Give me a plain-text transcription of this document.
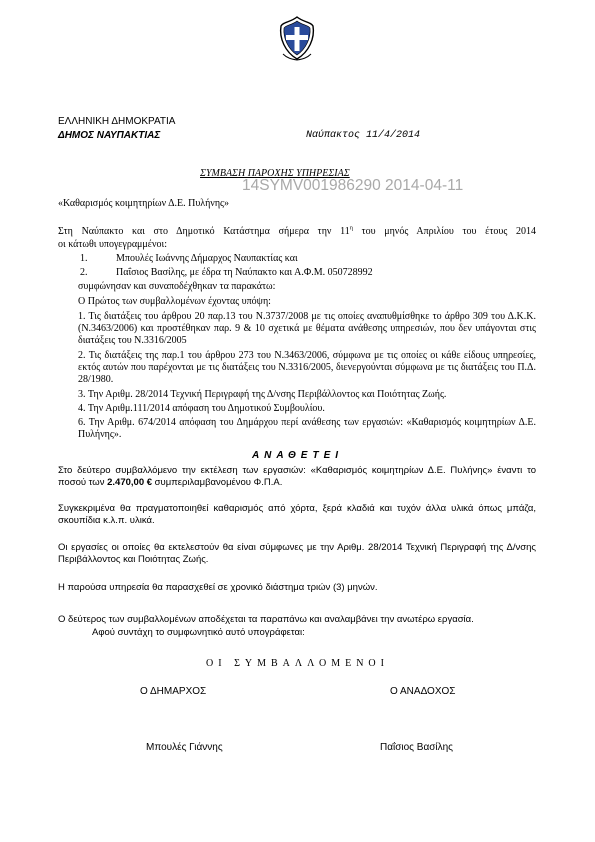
ΕΛΛΗΝΙΚΗ ΔΗΜΟΚΡΑΤΙΑ
ΔΗΜΟΣ ΝΑΥΠΑΚΤΙΑΣ	Ναύπακτος 11/4/2014
ΣΥΜΒΑΣΗ ΠΑΡΟΧΗΣ ΥΠΗΡΕΣΙΑΣ
14SYMV001986290 2014-04-11
«Καθαρισμός κοιμητηρίων Δ.Ε. Πυλήνης»
Στη Ναύπακτο και στο Δημοτικό Κατάστημα σήμερα την $11^\eta$ του μηνός Απριλίου του έτους 2014
οι κάτωθι υπογεγραμμένοι:
1.	Μπουλές Ιωάννης Δήμαρχος Ναυπακτίας και
2.	Παΐσιος Βασίλης, με έδρα τη Ναύπακτο και Α.Φ.Μ. 050728992
συμφώνησαν και συναποδέχθηκαν τα παρακάτω:
Ο Πρώτος των συμβαλλομένων έχοντας υπόψη:
1. Τις διατάξεις του άρθρου 20 παρ.13 του Ν.3737/2008 με τις οποίες αναπυθμίσθηκε το άρθρο 309 του Δ.Κ.Κ. (Ν.3463/2006) και προστέθηκαν παρ. 9 & 10 σχετικά με θέματα ανάθεσης υπηρεσιών, που δεν υπάγονται στις διατάξεις του Ν.3316/2005
2. Τις διατάξεις της παρ.1 του άρθρου 273 του Ν.3463/2006, σύμφωνα με τις οποίες οι κάθε είδους υπηρεσίες, εκτός αυτών που παρέχονται με τις διατάξεις του Ν.3316/2005, διενεργούνται σύμφωνα με τις διατάξεις του Π.Δ. 28/1980.
3. Την Αριθμ. 28/2014 Τεχνική Περιγραφή της Δ/νσης Περιβάλλοντος και Ποιότητας Ζωής.
4. Την Αριθμ.111/2014 απόφαση του Δημοτικού Συμβουλίου.
6. Την Αριθμ. 674/2014 απόφαση του Δημάρχου περί ανάθεσης των εργασιών: «Καθαρισμός κοιμητηρίων Δ.Ε. Πυλήνης».
ΑΝΑΘΕΤΕΙ
Στο δεύτερο συμβαλλόμενο την εκτέλεση των εργασιών: «Καθαρισμός κοιμητηρίων Δ.Ε. Πυλήνης» έναντι το ποσού των 2.470,00 € συμπεριλαμβανομένου Φ.Π.Α.
Συγκεκριμένα θα πραγματοποιηθεί καθαρισμός από χόρτα, ξερά κλαδιά και τυχόν άλλα υλικά όπως μπάζα, σκουπίδια κ.λ.π. υλικά.
Οι εργασίες οι οποίες θα εκτελεστούν θα είναι σύμφωνες με την Αριθμ. 28/2014 Τεχνική Περιγραφή της Δ/νσης Περιβάλλοντος και Ποιότητας Ζωής.
Η παρούσα υπηρεσία θα παρασχεθεί σε χρονικό διάστημα τριών (3) μηνών.
Ο δεύτερος των συμβαλλομένων αποδέχεται τα παραπάνω και αναλαμβάνει την ανωτέρω εργασία.
Αφού συντάχη το συμφωνητικό αυτό υπογράφεται:
ΟΙ ΣΥΜΒΑΛΛΟΜΕΝΟΙ
Ο ΔΗΜΑΡΧΟΣ	Ο ΑΝΑΔΟΧΟΣ
Μπουλές Γιάννης	Παΐσιος Βασίλης
